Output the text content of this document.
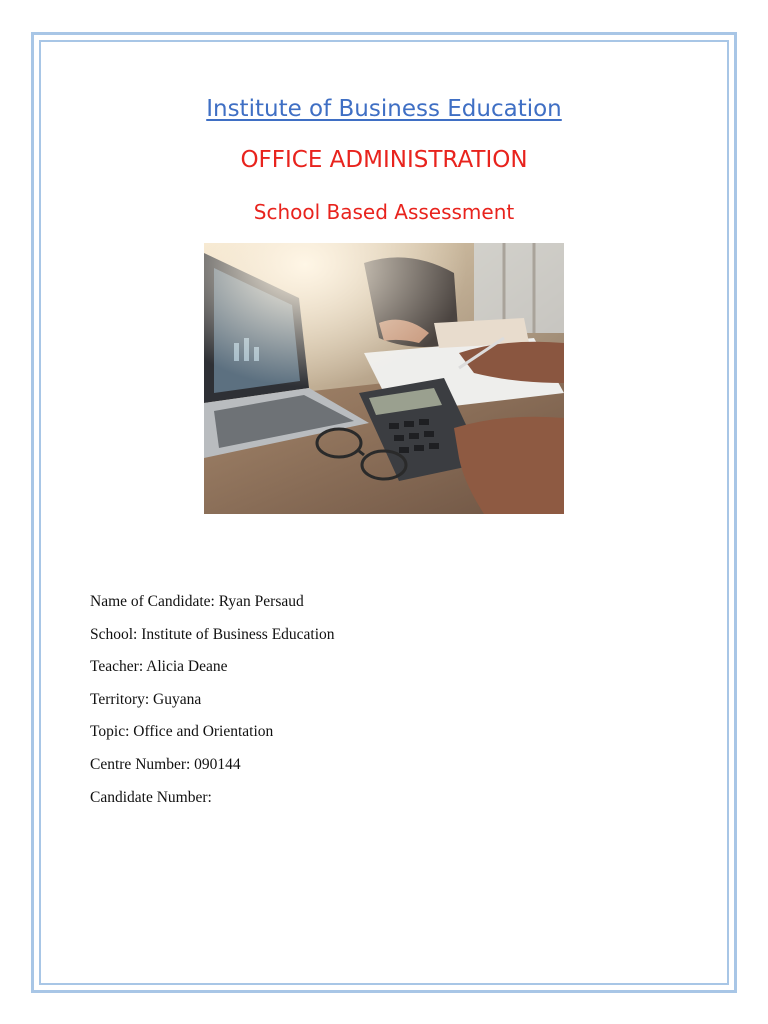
Institute of Business Education
OFFICE ADMINISTRATION
School Based Assessment
Name of Candidate: Ryan Persaud
School: Institute of Business Education
Teacher: Alicia Deane
Territory: Guyana
Topic: Office and Orientation
Centre Number: 090144
Candidate Number:
